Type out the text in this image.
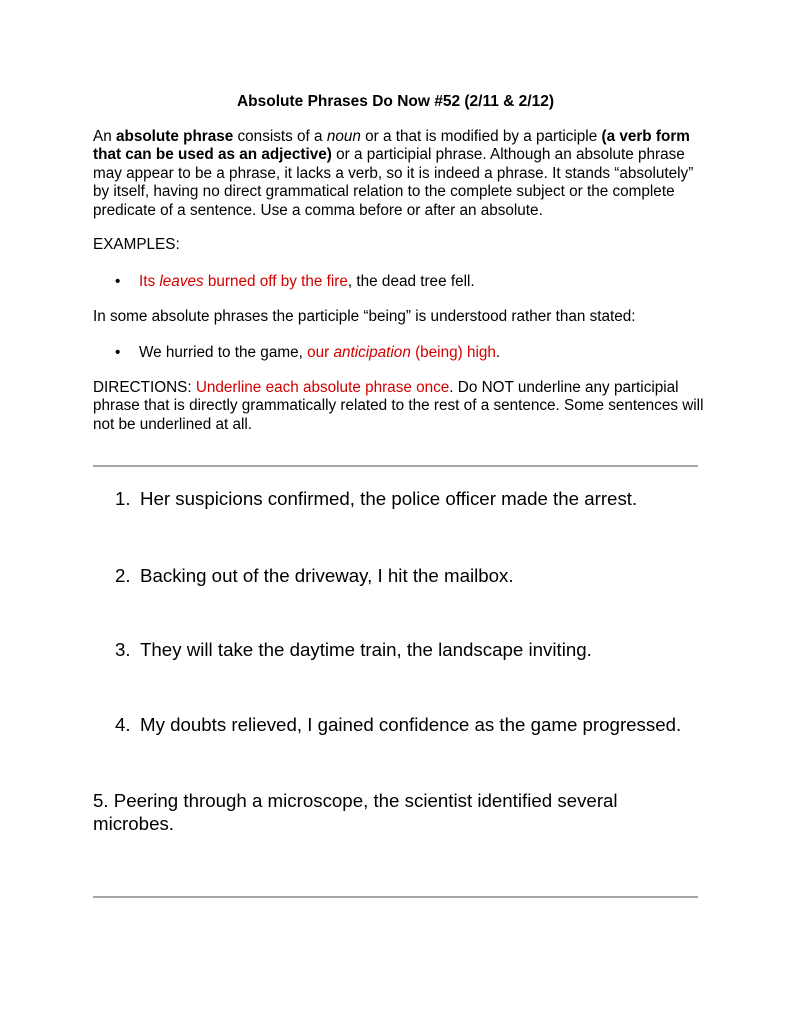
Absolute Phrases Do Now #52 (2/11 & 2/12)

An absolute phrase consists of a noun or a that is modified by a participle (a verb form that can be used as an adjective) or a participial phrase. Although an absolute phrase may appear to be a phrase, it lacks a verb, so it is indeed a phrase. It stands “absolutely” by itself, having no direct grammatical relation to the complete subject or the complete predicate of a sentence. Use a comma before or after an absolute.

EXAMPLES:
• Its leaves burned off by the fire, the dead tree fell.
In some absolute phrases the participle “being” is understood rather than stated:
• We hurried to the game, our anticipation (being) high.

DIRECTIONS: Underline each absolute phrase once. Do NOT underline any participial phrase that is directly grammatically related to the rest of a sentence. Some sentences will not be underlined at all.

1. Her suspicions confirmed, the police officer made the arrest.
2. Backing out of the driveway, I hit the mailbox.
3. They will take the daytime train, the landscape inviting.
4. My doubts relieved, I gained confidence as the game progressed.
5. Peering through a microscope, the scientist identified several microbes.
